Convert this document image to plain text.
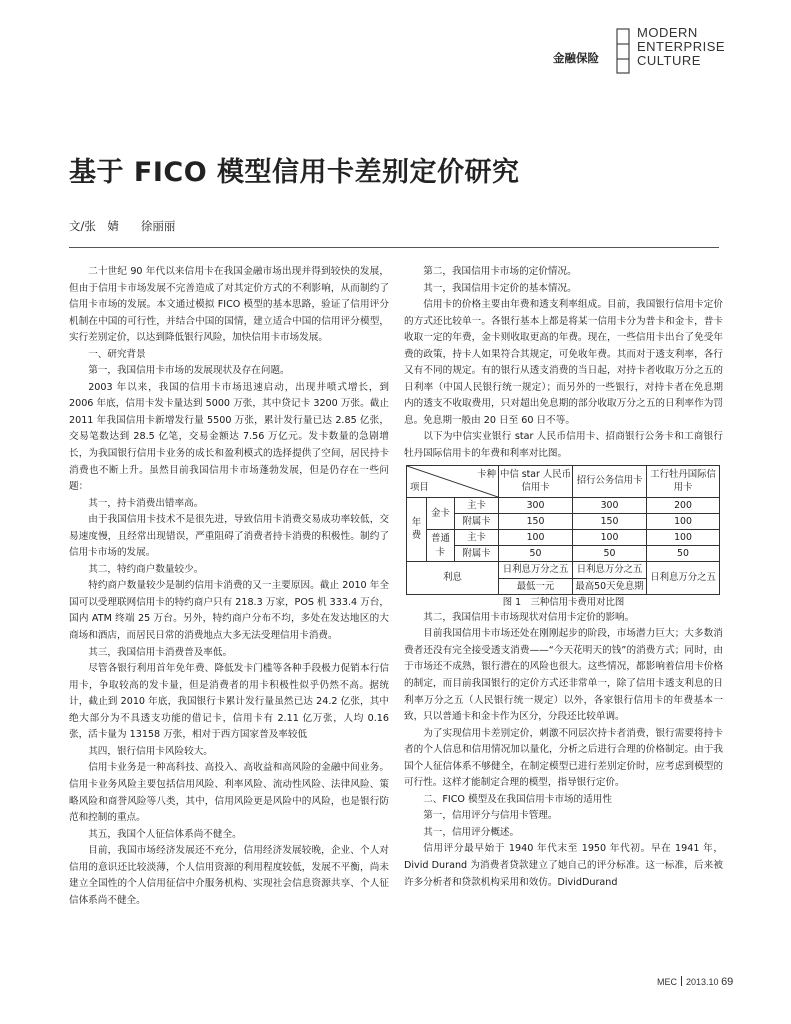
金融保险
MODERN
ENTERPRISE
CULTURE
基于 FICO 模型信用卡差别定价研究
文/张　婧 徐丽丽

二十世纪 90 年代以来信用卡在我国金融市场出现并得到较快的发展，但由于信用卡市场发展不完善造成了对其定价方式的不利影响，从而制约了信用卡市场的发展。本文通过模拟 FICO 模型的基本思路，验证了信用评分机制在中国的可行性，并结合中国的国情，建立适合中国的信用评分模型，实行差别定价，以达到降低银行风险，加快信用卡市场发展。

一、研究背景

第一，我国信用卡市场的发展现状及存在问题。

2003 年以来，我国的信用卡市场迅速启动，出现井喷式增长，到 2006 年底，信用卡发卡量达到 5000 万张，其中贷记卡 3200 万张。截止 2011 年我国信用卡新增发行量 5500 万张，累计发行量已达 2.85 亿张，交易笔数达到 28.5 亿笔，交易金额达 7.56 万亿元。发卡数量的急剧增长，为我国银行信用卡业务的成长和盈利模式的选择提供了空间，居民持卡消费也不断上升。虽然目前我国信用卡市场蓬勃发展，但是仍存在一些问题：

其一，持卡消费出错率高。

由于我国信用卡技术不是很先进，导致信用卡消费交易成功率较低，交易速度慢，且经常出现错误，严重阻碍了消费者持卡消费的积极性。制约了信用卡市场的发展。

其二，特约商户数量较少。

特约商户数量较少是制约信用卡消费的又一主要原因。截止 2010 年全国可以受理联网信用卡的特约商户只有 218.3 万家，POS 机 333.4 万台，国内 ATM 终端 25 万台。另外，特约商户分布不均，多处在发达地区的大商场和酒店，而居民日常的消费地点大多无法受理信用卡消费。

其三，我国信用卡消费普及率低。

尽管各银行利用首年免年费、降低发卡门槛等各种手段极力促销本行信用卡，争取较高的发卡量，但是消费者的用卡积极性似乎仍然不高。据统计，截止到 2010 年底，我国银行卡累计发行量虽然已达 24.2 亿张，其中绝大部分为不具透支功能的借记卡，信用卡有 2.11 亿万张，人均 0.16 张，活卡量为 13158 万张，相对于西方国家普及率较低

其四，银行信用卡风险较大。

信用卡业务是一种高科技、高投入、高收益和高风险的金融中间业务。信用卡业务风险主要包括信用风险、利率风险、流动性风险、法律风险、策略风险和商誉风险等八类，其中，信用风险更是风险中的风险，也是银行防范和控制的重点。

其五，我国个人征信体系尚不健全。

目前，我国市场经济发展还不充分，信用经济发展较晚，企业、个人对信用的意识还比较淡薄，个人信用资源的利用程度较低，发展不平衡，尚未建立全国性的个人信用征信中介服务机构、实现社会信息资源共享、个人征信体系尚不健全。

第二，我国信用卡市场的定价情况。

其一，我国信用卡定价的基本情况。

信用卡的价格主要由年费和透支利率组成。目前，我国银行信用卡定价的方式还比较单一。各银行基本上都是将某一信用卡分为普卡和金卡，普卡收取一定的年费，金卡则收取更高的年费。现在，一些信用卡出台了免受年费的政策，持卡人如果符合其规定，可免收年费。其而对于透支利率，各行又有不同的规定。有的银行从透支消费的当日起，对持卡者收取万分之五的日利率（中国人民银行统一规定）；而另外的一些银行，对持卡者在免息期内的透支不收取费用，只对超出免息期的部分收取万分之五的日利率作为罚息。免息期一般由 20 日至 60 日不等。

以下为中信实业银行 star 人民币信用卡、招商银行公务卡和工商银行牡丹国际信用卡的年费和利率对比图。

卡种
项目			中信 star 人民币信用卡	招行公务信用卡	工行牡丹国际信用卡
年费	金卡	主卡	300	300	200
		附属卡	150	150	100
	普通卡	主卡	100	100	100
		附属卡	50	50	50
利息			日利息万分之五	日利息万分之五	日利息万分之五
			最低一元	最高50天免息期	
图 1　三种信用卡费用对比图

其二，我国信用卡市场现状对信用卡定价的影响。

目前我国信用卡市场还处在刚刚起步的阶段，市场潜力巨大；大多数消费者还没有完全接受透支消费——“今天花明天的钱”的消费方式；同时，由于市场还不成熟，银行潜在的风险也很大。这些情况，都影响着信用卡价格的制定，而目前我国银行的定价方式还非常单一，除了信用卡透支利息的日利率万分之五（人民银行统一规定）以外，各家银行信用卡的年费基本一致，只以普通卡和金卡作为区分，分段还比较单调。

为了实现信用卡差别定价，刺激不同层次持卡者消费，银行需要将持卡者的个人信息和信用情况加以量化，分析之后进行合理的价格制定。由于我国个人征信体系不够健全，在制定模型已进行差别定价时，应考虑到模型的可行性。这样才能制定合理的模型，指导银行定价。

二、FICO 模型及在我国信用卡市场的适用性

第一，信用评分与信用卡管理。

其一，信用评分概述。

信用评分最早始于 1940 年代末至 1950 年代初。早在 1941 年，Divid Durand 为消费者贷款建立了她自己的评分标准。这一标准，后来被许多分析者和贷款机构采用和效仿。DividDurand

MEC 2013.10 69
